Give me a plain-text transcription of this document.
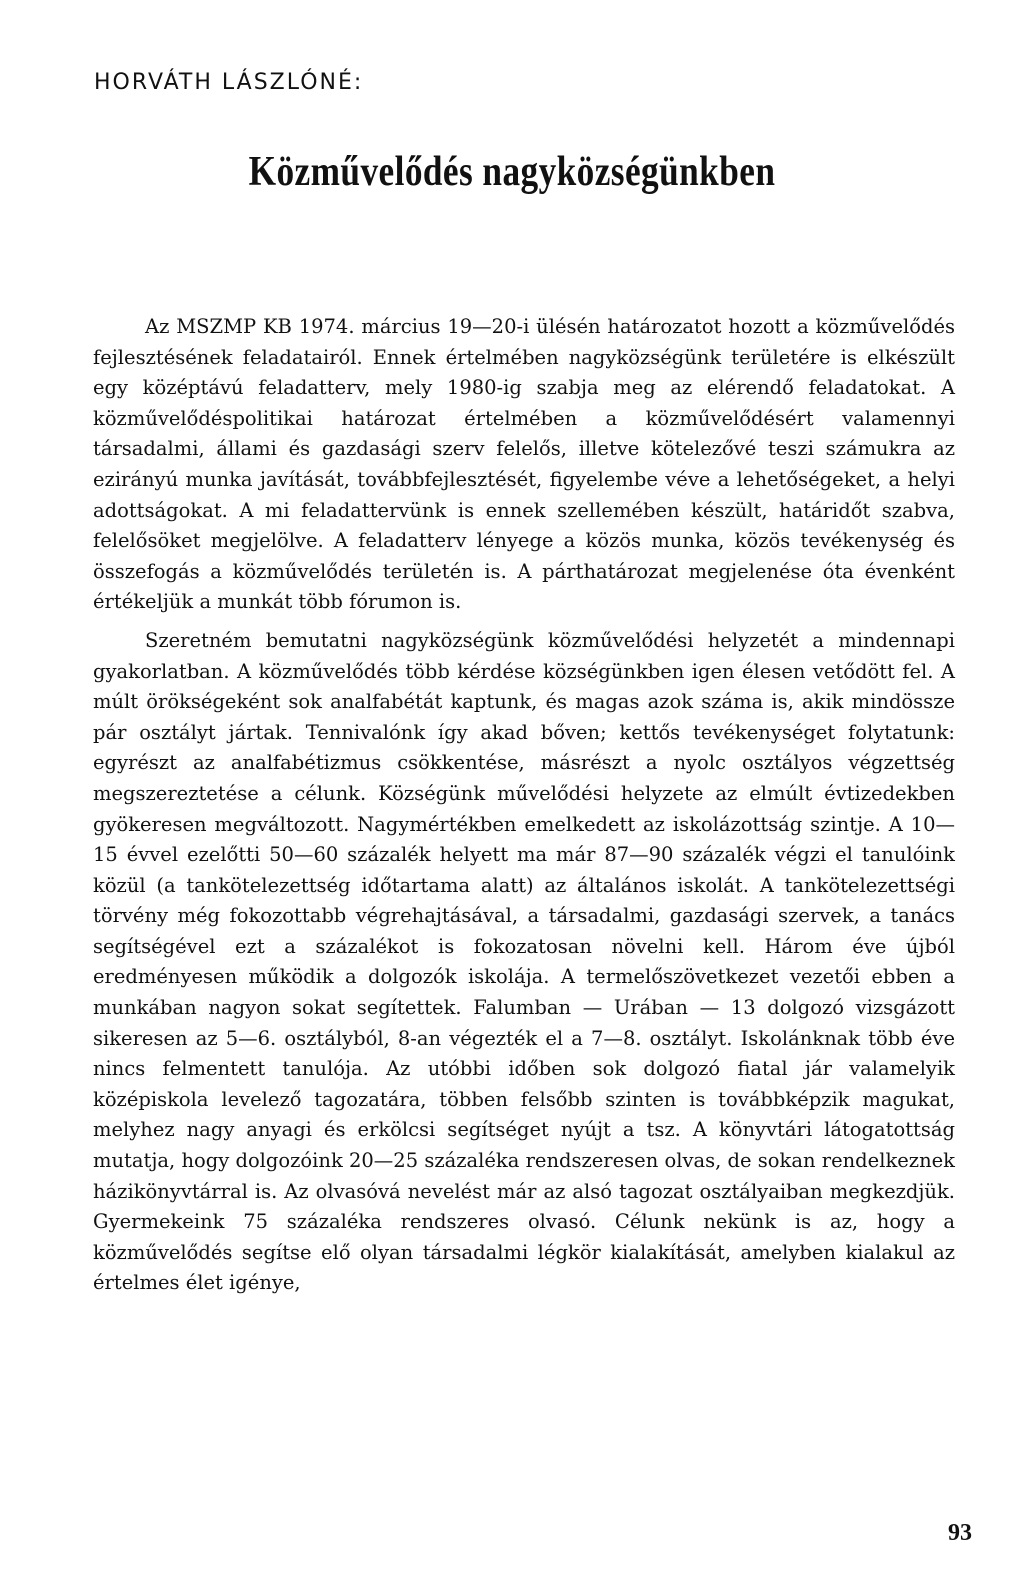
HORVÁTH LÁSZLÓNÉ:
Közművelődés nagyközségünkben

Az MSZMP KB 1974. március 19—20-i ülésén határozatot hozott a közművelődés fejlesztésének feladatairól. Ennek értelmében nagyközségünk területére is elkészült egy középtávú feladatterv, mely 1980-ig szabja meg az elérendő feladatokat. A közművelődéspolitikai határozat értelmében a közművelődésért valamennyi társadalmi, állami és gazdasági szerv felelős, illetve kötelezővé teszi számukra az ezirányú munka javítását, továbbfejlesztését, figyelembe véve a lehetőségeket, a helyi adottságokat. A mi feladattervünk is ennek szellemében készült, határidőt szabva, felelősöket megjelölve. A feladatterv lényege a közös munka, közös tevékenység és összefogás a közművelődés területén is. A párthatározat megjelenése óta évenként értékeljük a munkát több fórumon is.

Szeretném bemutatni nagyközségünk közművelődési helyzetét a mindennapi gyakorlatban. A közművelődés több kérdése községünkben igen élesen vetődött fel. A múlt örökségeként sok analfabétát kaptunk, és magas azok száma is, akik mindössze pár osztályt jártak. Tennivalónk így akad bőven; kettős tevékenységet folytatunk: egyrészt az analfabétizmus csökkentése, másrészt a nyolc osztályos végzettség megszereztetése a célunk. Községünk művelődési helyzete az elmúlt évtizedekben gyökeresen megváltozott. Nagymértékben emelkedett az iskolázottság szintje. A 10—15 évvel ezelőtti 50—60 százalék helyett ma már 87—90 százalék végzi el tanulóink közül (a tankötelezettség időtartama alatt) az általános iskolát. A tankötelezettségi törvény még fokozottabb végrehajtásával, a társadalmi, gazdasági szervek, a tanács segítségével ezt a százalékot is fokozatosan növelni kell. Három éve újból eredményesen működik a dolgozók iskolája. A termelőszövetkezet vezetői ebben a munkában nagyon sokat segítettek. Falumban — Urában — 13 dolgozó vizsgázott sikeresen az 5—6. osztályból, 8-an végezték el a 7—8. osztályt. Iskolánknak több éve nincs felmentett tanulója. Az utóbbi időben sok dolgozó fiatal jár valamelyik középiskola levelező tagozatára, többen felsőbb szinten is továbbképzik magukat, melyhez nagy anyagi és erkölcsi segítséget nyújt a tsz. A könyvtári látogatottság mutatja, hogy dolgozóink 20—25 százaléka rendszeresen olvas, de sokan rendelkeznek házikönyvtárral is. Az olvasóvá nevelést már az alsó tagozat osztályaiban megkezdjük. Gyermekeink 75 százaléka rendszeres olvasó. Célunk nekünk is az, hogy a közművelődés segítse elő olyan társadalmi légkör kialakítását, amelyben kialakul az értelmes élet igénye,

93
